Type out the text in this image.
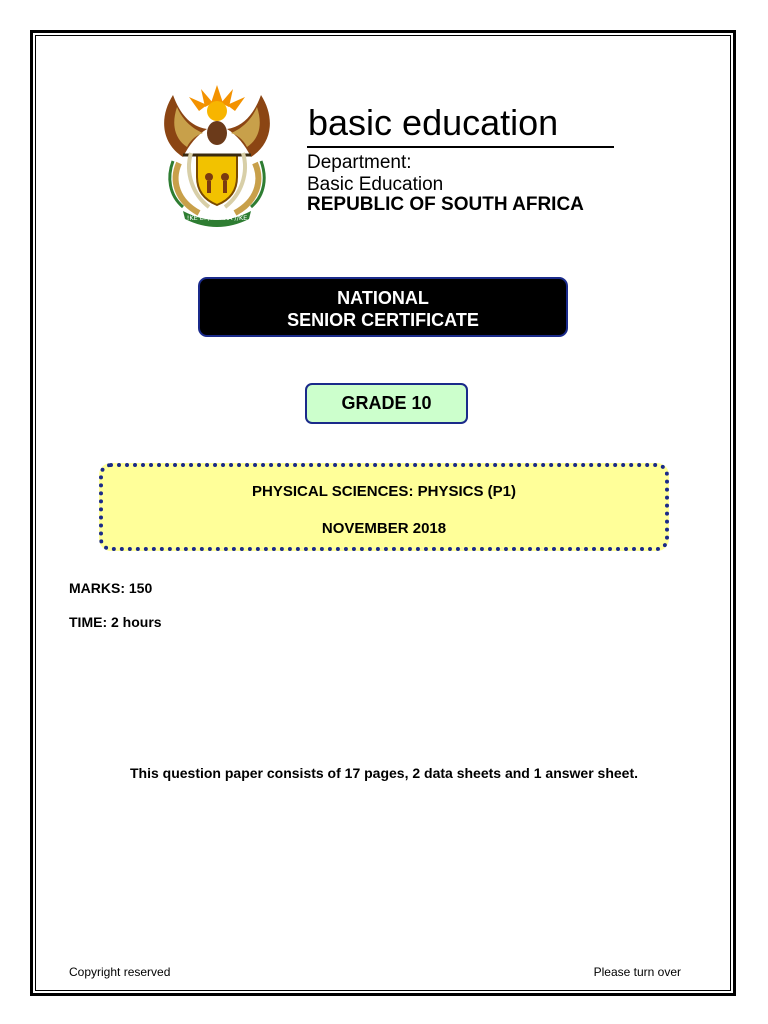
!KE E: /XARRA //KE
basic education
Department:
Basic Education
REPUBLIC OF SOUTH AFRICA
NATIONAL
SENIOR CERTIFICATE
GRADE 10
PHYSICAL SCIENCES: PHYSICS (P1)
NOVEMBER 2018
MARKS: 150
TIME: 2 hours
This question paper consists of 17 pages, 2 data sheets and 1 answer sheet.
Copyright reserved	Please turn over
